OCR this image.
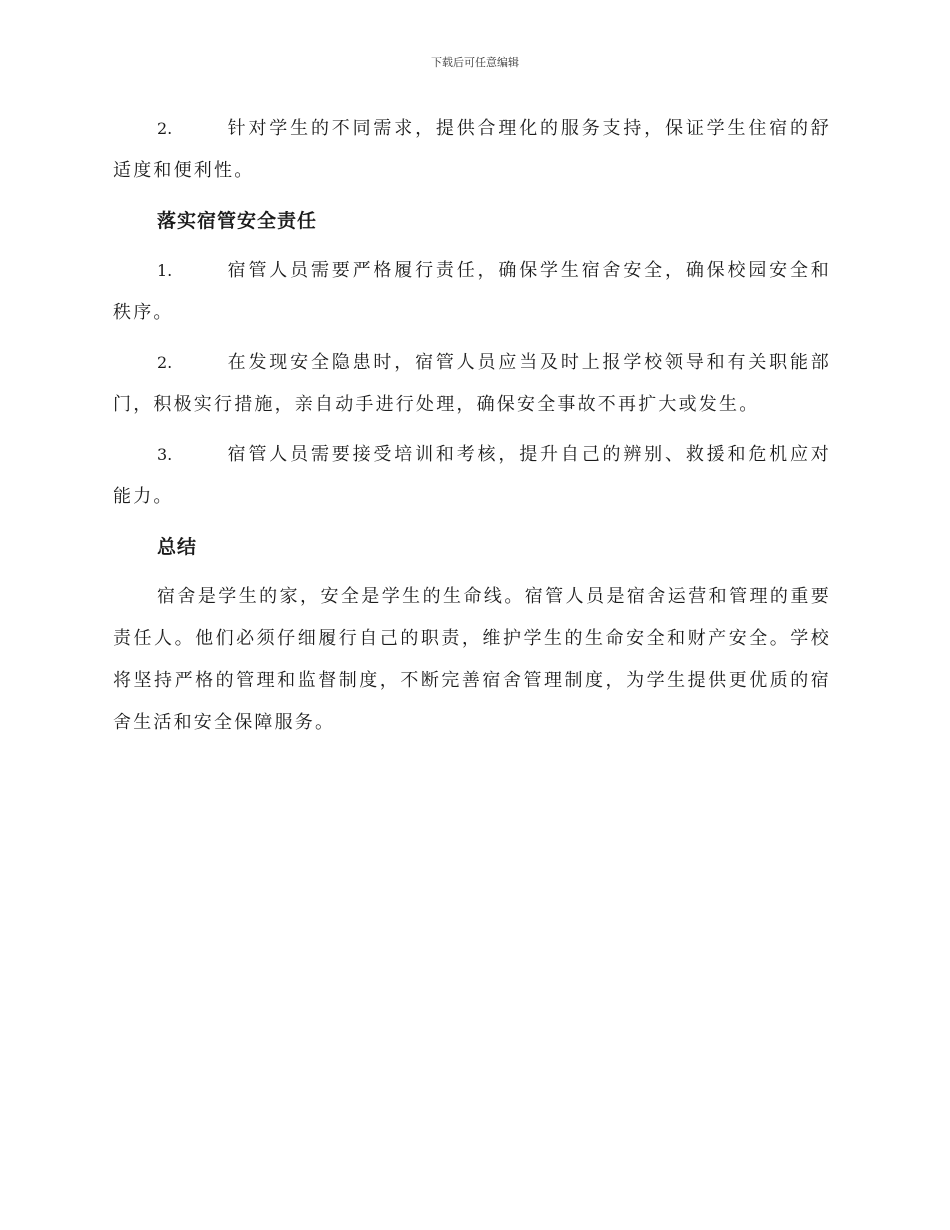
下载后可任意编辑

2.	针对学生的不同需求，提供合理化的服务支持，保证学生住宿的舒适度和便利性。

落实宿管安全责任

1.	宿管人员需要严格履行责任，确保学生宿舍安全，确保校园安全和秩序。

2.	在发现安全隐患时，宿管人员应当及时上报学校领导和有关职能部门，积极实行措施，亲自动手进行处理，确保安全事故不再扩大或发生。

3.	宿管人员需要接受培训和考核，提升自己的辨别、救援和危机应对能力。

总结

宿舍是学生的家，安全是学生的生命线。宿管人员是宿舍运营和管理的重要责任人。他们必须仔细履行自己的职责，维护学生的生命安全和财产安全。学校将坚持严格的管理和监督制度，不断完善宿舍管理制度，为学生提供更优质的宿舍生活和安全保障服务。
